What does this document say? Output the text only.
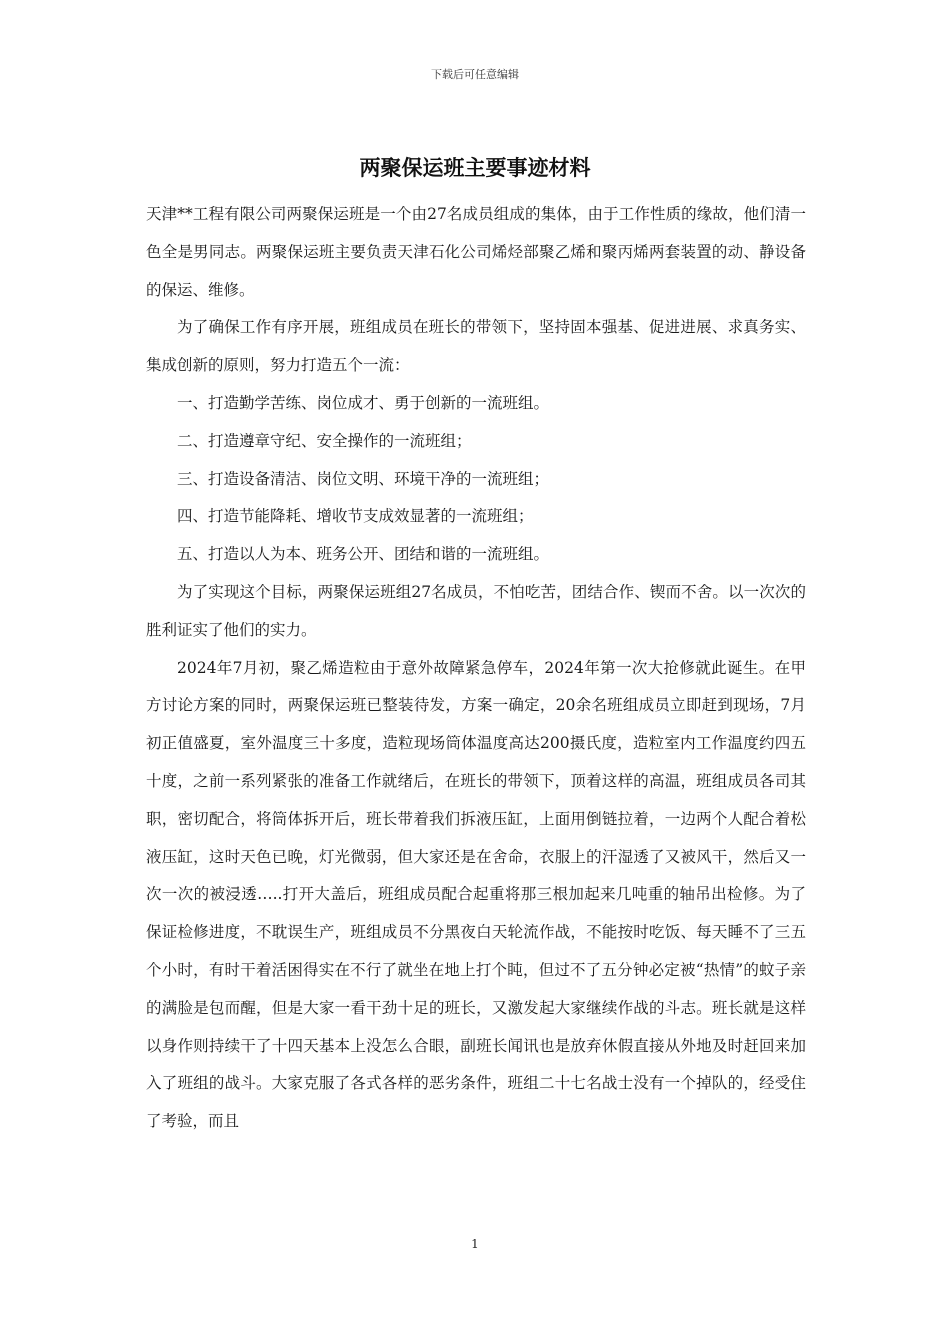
下载后可任意编辑
两聚保运班主要事迹材料

天津**工程有限公司两聚保运班是一个由27名成员组成的集体，由于工作性质的缘故，他们清一色全是男同志。两聚保运班主要负责天津石化公司烯烃部聚乙烯和聚丙烯两套装置的动、静设备的保运、维修。

为了确保工作有序开展，班组成员在班长的带领下，坚持固本强基、促进进展、求真务实、集成创新的原则，努力打造五个一流：

一、打造勤学苦练、岗位成才、勇于创新的一流班组。

二、打造遵章守纪、安全操作的一流班组；

三、打造设备清洁、岗位文明、环境干净的一流班组；

四、打造节能降耗、增收节支成效显著的一流班组；

五、打造以人为本、班务公开、团结和谐的一流班组。

为了实现这个目标，两聚保运班组27名成员，不怕吃苦，团结合作、锲而不舍。以一次次的胜利证实了他们的实力。

2024年7月初，聚乙烯造粒由于意外故障紧急停车，2024年第一次大抢修就此诞生。在甲方讨论方案的同时，两聚保运班已整装待发，方案一确定，20余名班组成员立即赶到现场，7月初正值盛夏，室外温度三十多度，造粒现场筒体温度高达200摄氏度，造粒室内工作温度约四五十度，之前一系列紧张的准备工作就绪后，在班长的带领下，顶着这样的高温，班组成员各司其职，密切配合，将筒体拆开后，班长带着我们拆液压缸，上面用倒链拉着，一边两个人配合着松液压缸，这时天色已晚，灯光微弱，但大家还是在舍命，衣服上的汗湿透了又被风干，然后又一次一次的被浸透…..打开大盖后，班组成员配合起重将那三根加起来几吨重的轴吊出检修。为了保证检修进度，不耽误生产，班组成员不分黑夜白天轮流作战，不能按时吃饭、每天睡不了三五个小时，有时干着活困得实在不行了就坐在地上打个盹，但过不了五分钟必定被“热情”的蚊子亲的满脸是包而醒，但是大家一看干劲十足的班长，又激发起大家继续作战的斗志。班长就是这样以身作则持续干了十四天基本上没怎么合眼，副班长闻讯也是放弃休假直接从外地及时赶回来加入了班组的战斗。大家克服了各式各样的恶劣条件，班组二十七名战士没有一个掉队的，经受住了考验，而且

1
